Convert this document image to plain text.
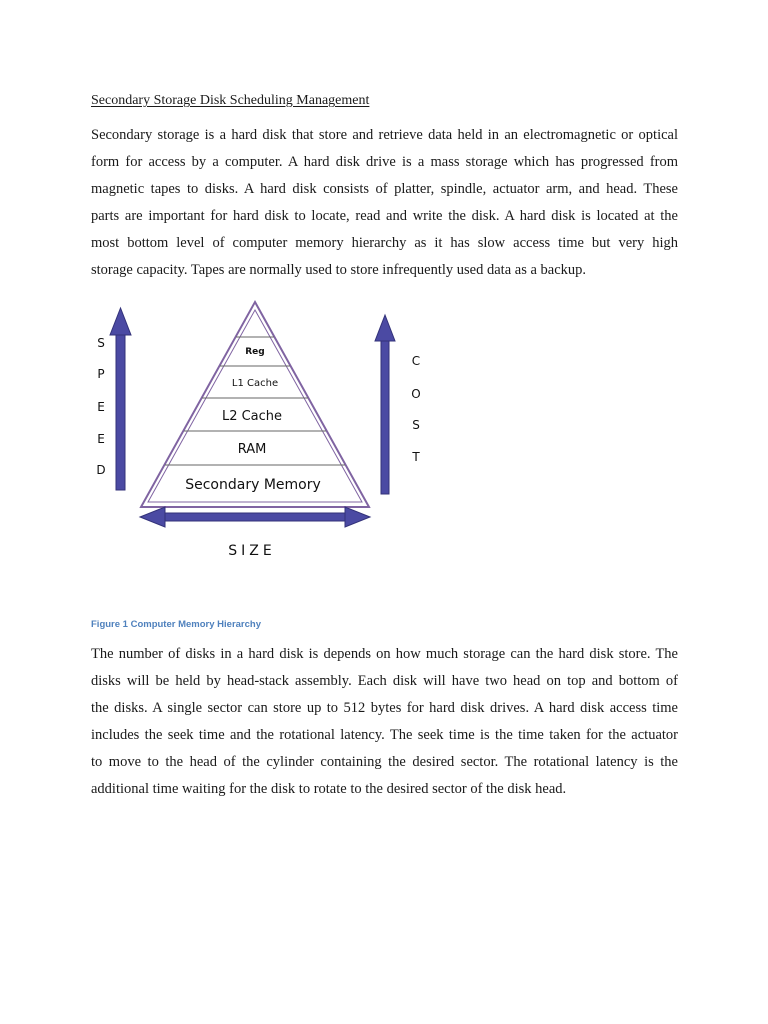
Secondary Storage Disk Scheduling Management
Secondary storage is a hard disk that store and retrieve data held in an electromagnetic or optical
form for access by a computer. A hard disk drive is a mass storage which has progressed from
magnetic tapes to disks. A hard disk consists of platter, spindle, actuator arm, and head. These
parts are important for hard disk to locate, read and write the disk. A hard disk is located at the
most bottom level of computer memory hierarchy as it has slow access time but very high
storage capacity. Tapes are normally used to store infrequently used data as a backup.
Reg
L1 Cache
L2 Cache
RAM
Secondary Memory
S
P
E
E
D
C
O
S
T
SIZE
Figure 1 Computer Memory Hierarchy
The number of disks in a hard disk is depends on how much storage can the hard disk store. The
disks will be held by head-stack assembly. Each disk will have two head on top and bottom of
the disks. A single sector can store up to 512 bytes for hard disk drives. A hard disk access time
includes the seek time and the rotational latency. The seek time is the time taken for the actuator
to move to the head of the cylinder containing the desired sector. The rotational latency is the
additional time waiting for the disk to rotate to the desired sector of the disk head.
